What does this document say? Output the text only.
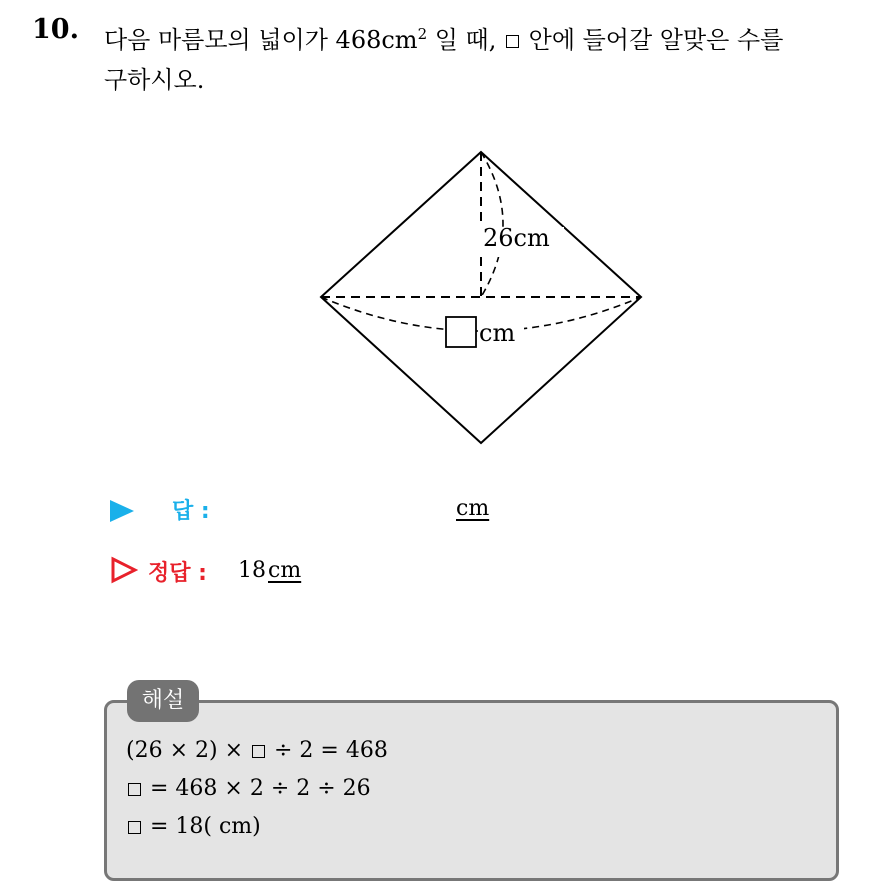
10. 다음 마름모의 넓이가 $468cm^2$ 일 때,  안에 들어갈 알맞은 수를
구하시오.
26cm
cm
답 :	cm
정답 : 18cm
해설
(26 × 2) ×  ÷ 2 = 468
= 468 × 2 ÷ 2 ÷ 26
= 18( cm)
